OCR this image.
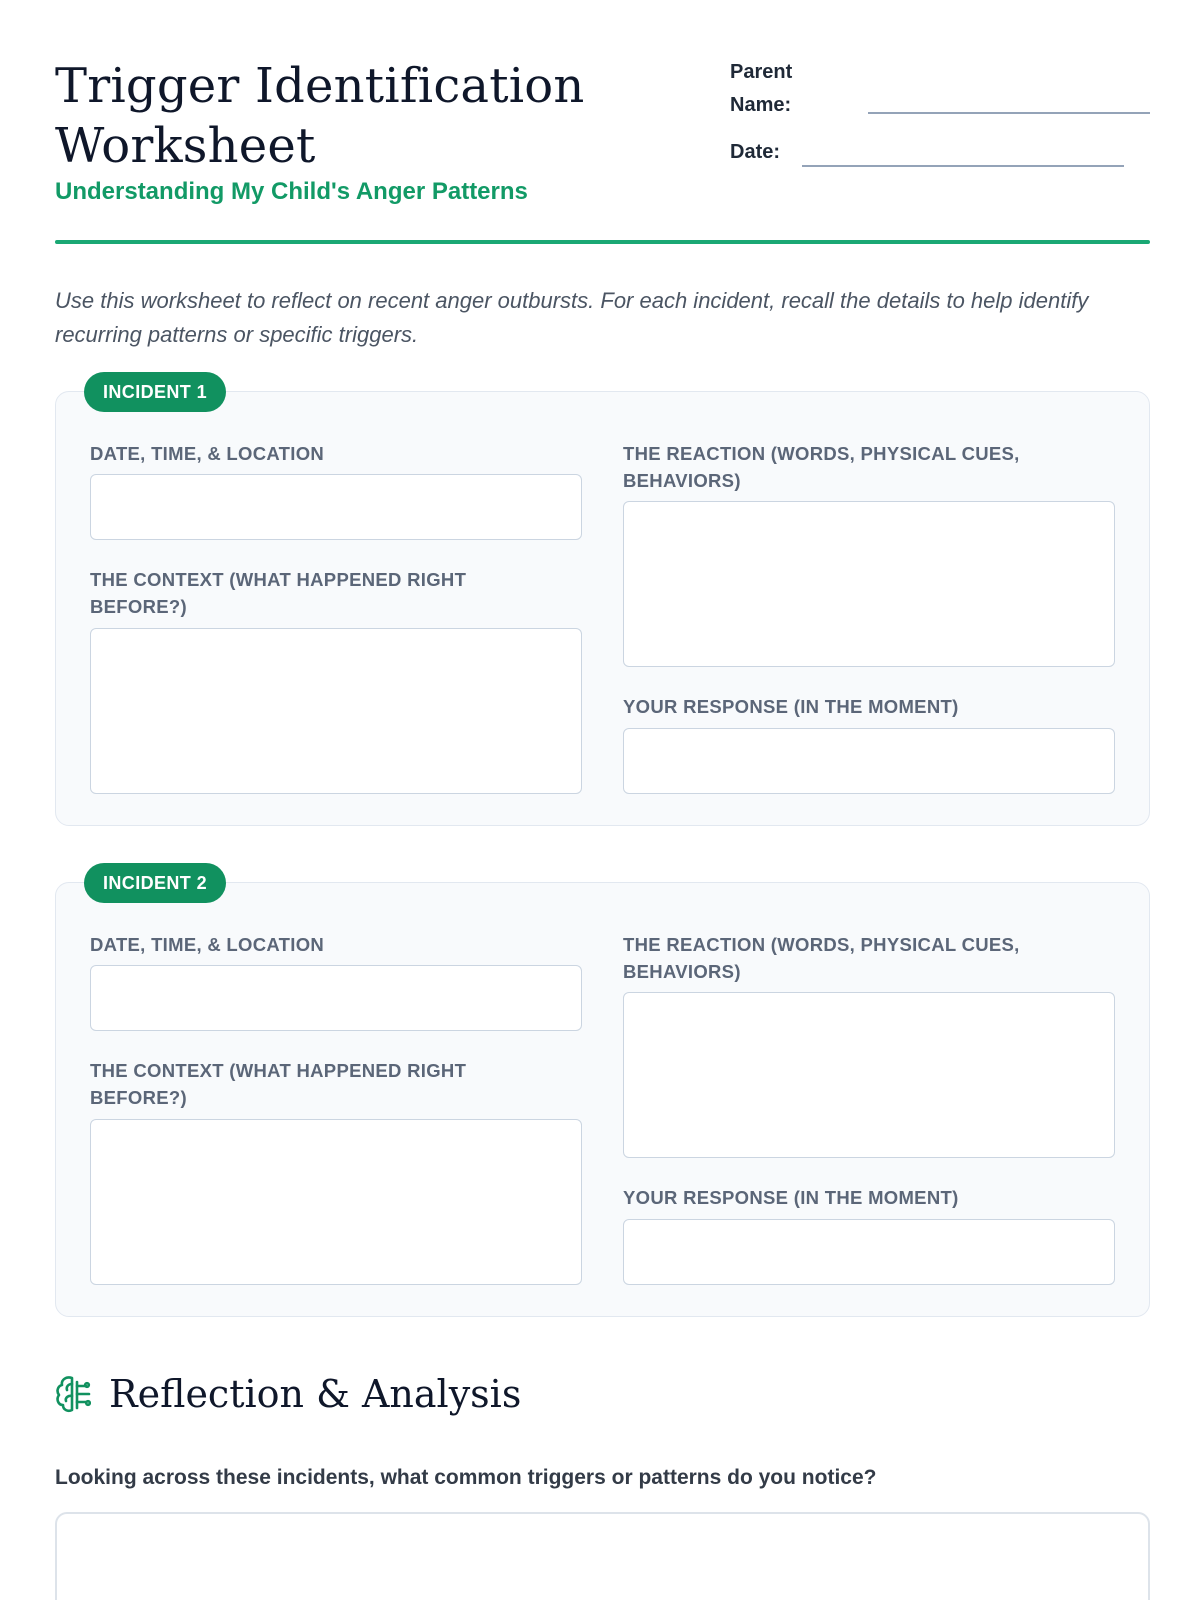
Trigger Identification Worksheet
Understanding My Child's Anger Patterns
Parent
Name:
Date:
Use this worksheet to reflect on recent anger outbursts. For each incident, recall the details to help identify recurring patterns or specific triggers.
INCIDENT 1
DATE, TIME, & LOCATION
THE CONTEXT (WHAT HAPPENED RIGHT BEFORE?)
THE REACTION (WORDS, PHYSICAL CUES, BEHAVIORS)
YOUR RESPONSE (IN THE MOMENT)
INCIDENT 2
DATE, TIME, & LOCATION
THE CONTEXT (WHAT HAPPENED RIGHT BEFORE?)
THE REACTION (WORDS, PHYSICAL CUES, BEHAVIORS)
YOUR RESPONSE (IN THE MOMENT)
Reflection & Analysis
Looking across these incidents, what common triggers or patterns do you notice?
